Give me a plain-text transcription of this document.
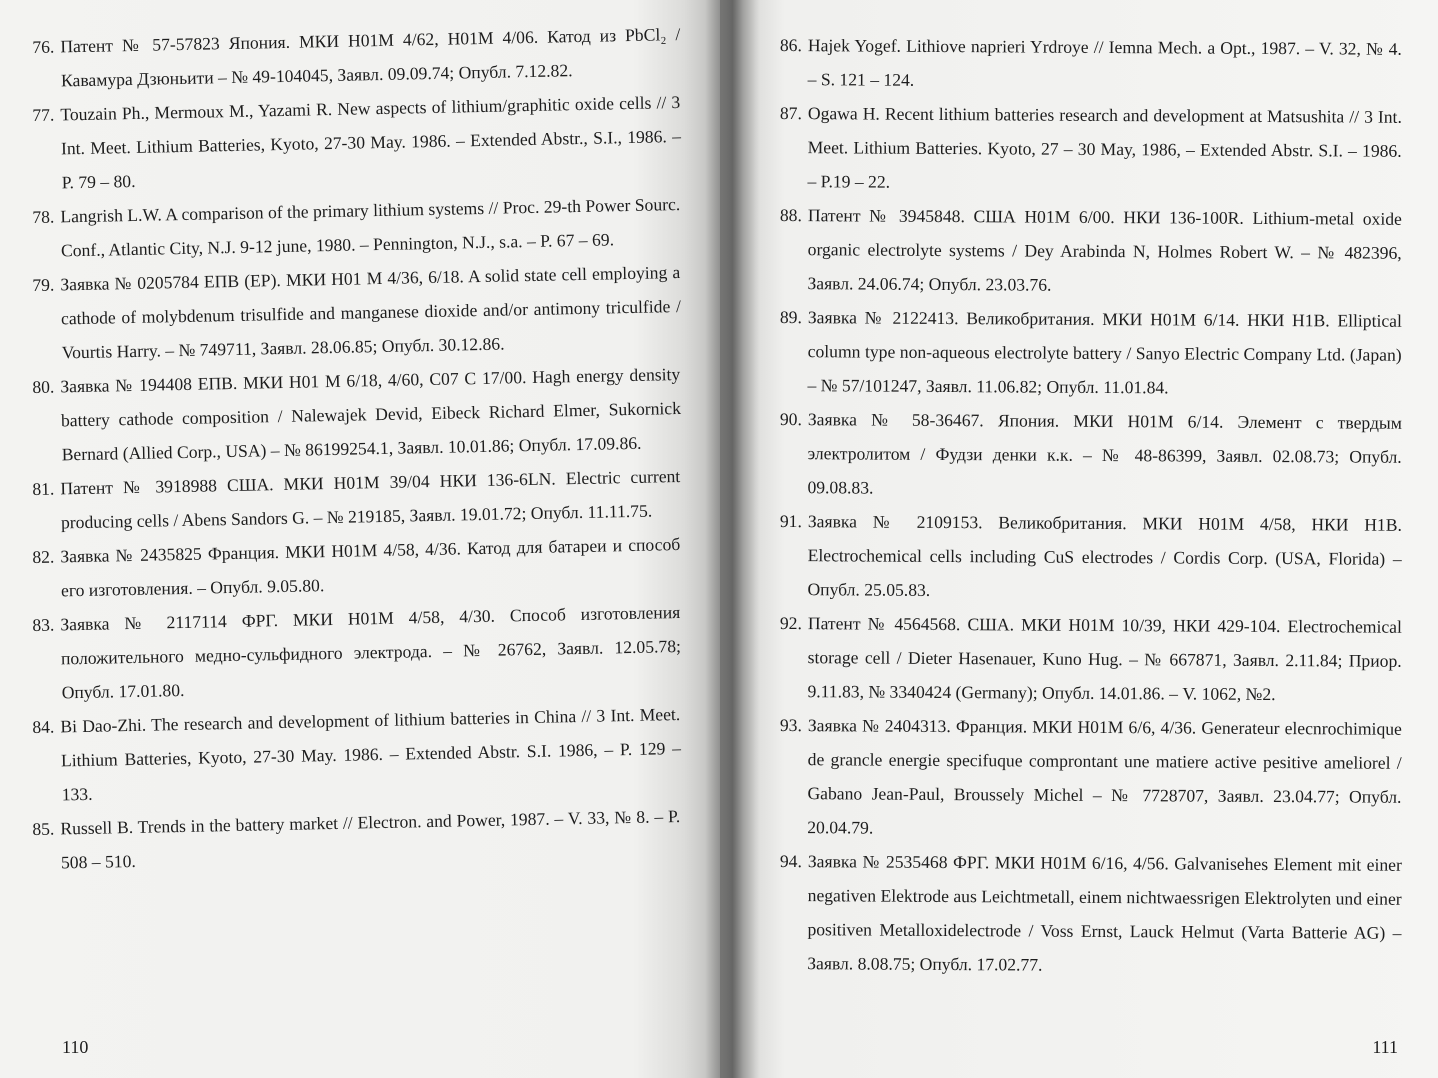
76. Патент № 57-57823 Япония. МКИ H01M 4/62, H01M 4/06. Катод из PbCl₂ / Кавамура Дзюньити – № 49-104045, Заявл. 09.09.74; Опубл. 7.12.82.
77. Touzain Ph., Mermoux M., Yazami R. New aspects of lithium/graphitic oxide cells // 3 Int. Meet. Lithium Batteries, Kyoto, 27-30 May. 1986. – Extended Abstr., S.I., 1986. – P. 79 – 80.
78. Langrish L.W. A comparison of the primary lithium systems // Proc. 29-th Power Sourc. Conf., Atlantic City, N.J. 9-12 june, 1980. – Pennington, N.J., s.a. – P. 67 – 69.
79. Заявка № 0205784 ЕПВ (EP). МКИ H01 M 4/36, 6/18. A solid state cell employing a cathode of molybdenum trisulfide and manganese dioxide and/or antimony triculfide / Vourtis Harry. – № 749711, Заявл. 28.06.85; Опубл. 30.12.86.
80. Заявка № 194408 ЕПВ. МКИ H01 M 6/18, 4/60, C07 C 17/00. Hagh energy density battery cathode composition / Nalewajek Devid, Eibeck Richard Elmer, Sukornick Bernard (Allied Corp., USA) – № 86199254.1, Заявл. 10.01.86; Опубл. 17.09.86.
81. Патент № 3918988 США. МКИ H01M 39/04 НКИ 136-6LN. Electric current producing cells / Abens Sandors G. – № 219185, Заявл. 19.01.72; Опубл. 11.11.75.
82. Заявка № 2435825 Франция. МКИ H01M 4/58, 4/36. Катод для батареи и способ его изготовления. – Опубл. 9.05.80.
83. Заявка № 2117114 ФРГ. МКИ H01M 4/58, 4/30. Способ изготовления положительного медно-сульфидного электрода. – № 26762, Заявл. 12.05.78; Опубл. 17.01.80.
84. Bi Dao-Zhi. The research and development of lithium batteries in China // 3 Int. Meet. Lithium Batteries, Kyoto, 27-30 May. 1986. – Extended Abstr. S.I. 1986, – P. 129 – 133.
85. Russell B. Trends in the battery market // Electron. and Power, 1987. – V. 33, № 8. – P. 508 – 510.
110
86. Hajek Yogef. Lithiove naprieri Yrdroye // Iemna Mech. a Opt., 1987. – V. 32, № 4. – S. 121 – 124.
87. Ogawa H. Recent lithium batteries research and development at Matsushita // 3 Int. Meet. Lithium Batteries. Kyoto, 27 – 30 May, 1986, – Extended Abstr. S.I. – 1986. – P.19 – 22.
88. Патент № 3945848. США H01M 6/00. НКИ 136-100R. Lithium-metal oxide organic electrolyte systems / Dey Arabinda N, Holmes Robert W. – № 482396, Заявл. 24.06.74; Опубл. 23.03.76.
89. Заявка № 2122413. Великобритания. МКИ H01M 6/14. НКИ H1B. Elliptical column type non-aqueous electrolyte battery / Sanyo Electric Company Ltd. (Japan) – № 57/101247, Заявл. 11.06.82; Опубл. 11.01.84.
90. Заявка № 58-36467. Япония. МКИ H01M 6/14. Элемент с твердым электролитом / Фудзи денки к.к. – № 48-86399, Заявл. 02.08.73; Опубл. 09.08.83.
91. Заявка № 2109153. Великобритания. МКИ H01M 4/58, НКИ H1B. Electrochemical cells including CuS electrodes / Cordis Corp. (USA, Florida) – Опубл. 25.05.83.
92. Патент № 4564568. США. МКИ H01M 10/39, НКИ 429-104. Electrochemical storage cell / Dieter Hasenauer, Kuno Hug. – № 667871, Заявл. 2.11.84; Приор. 9.11.83, № 3340424 (Germany); Опубл. 14.01.86. – V. 1062, №2.
93. Заявка № 2404313. Франция. МКИ H01M 6/6, 4/36. Generateur elecnrochimique de grancle energie specifuque comprontant une matiere active pesitive ameliorel / Gabano Jean-Paul, Broussely Michel – № 7728707, Заявл. 23.04.77; Опубл. 20.04.79.
94. Заявка № 2535468 ФРГ. МКИ H01M 6/16, 4/56. Galvanisehes Element mit einer negativen Elektrode aus Leichtmetall, einem nichtwaessrigen Elektrolyten und einer positiven Metalloxidelectrode / Voss Ernst, Lauck Helmut (Varta Batterie AG) – Заявл. 8.08.75; Опубл. 17.02.77.
111
